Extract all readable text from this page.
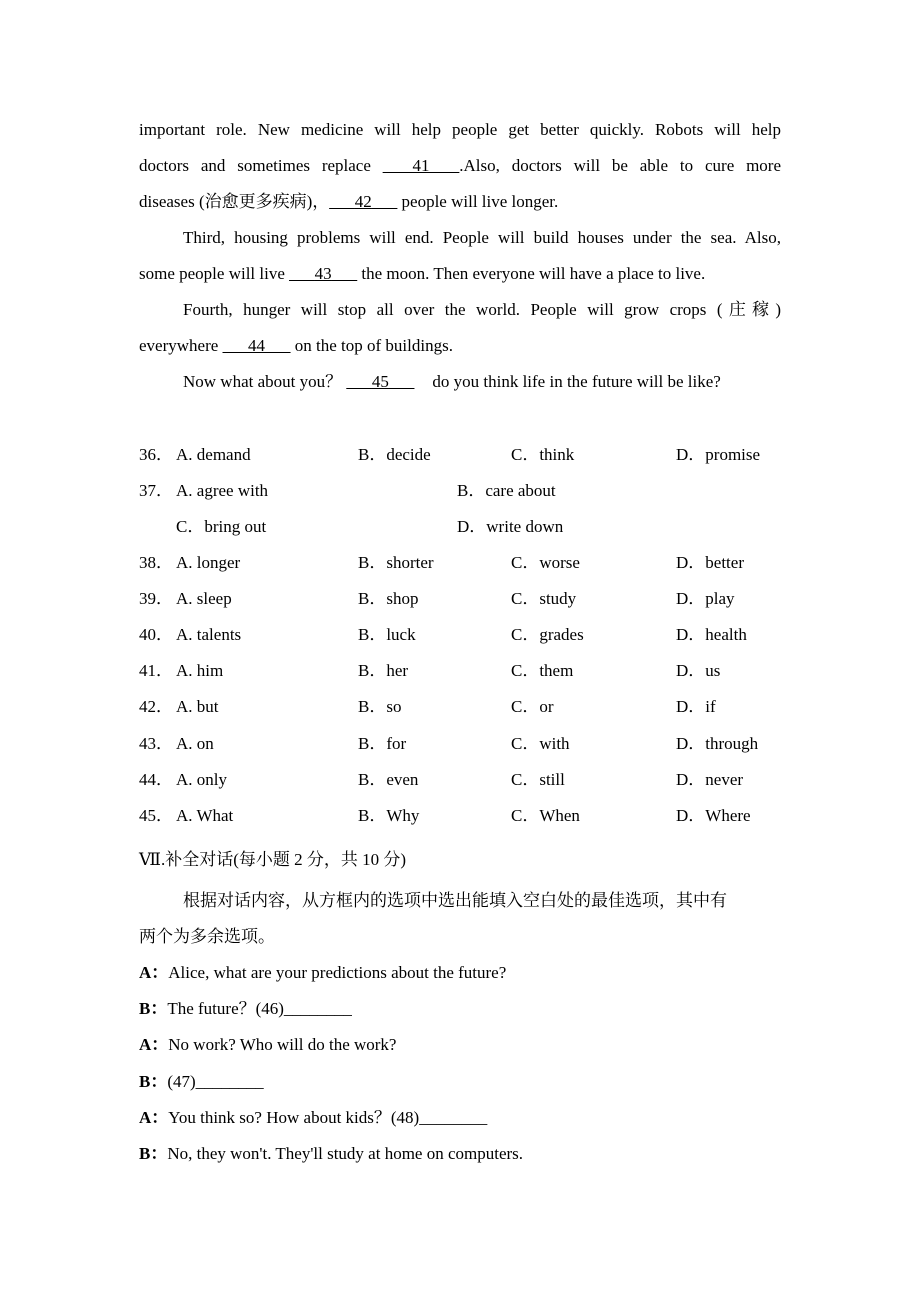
important role. New medicine will help people get better quickly. Robots will help
doctors and sometimes replace        41 .Also, doctors will be able to cure more
diseases (治愈更多疾病)， 42       people will live longer.
Third, housing problems will end. People will build houses under the sea. Also,
some people will live       43       the moon. Then everyone will have a place to live.
Fourth, hunger will stop all over the world. People will grow crops (庄稼)
everywhere       44       on the top of buildings.
Now what about you？       45	do you think life in the future will be like?
36． A. demand	B．decide	C．think	D．promise
37． A. agree with	B．care about
C．bring out	D．write down
38． A. longer	B．shorter	C．worse	D．better
39． A. sleep	B．shop	C．study	D．play
40． A. talents	B．luck	C．grades	D．health
41． A. him	B．her	C．them	D．us
42． A. but	B．so	C．or	D．if
43． A. on	B．for	C．with	D．through
44． A. only	B．even	C．still	D．never
45． A. What	B．Why	C．When	D．Where
Ⅶ.补全对话(每小题 2 分，共 10 分)
根据对话内容，从方框内的选项中选出能填入空白处的最佳选项，其中有
两个为多余选项。
A：Alice, what are your predictions about the future?
B：The future？(46)________
A：No work? Who will do the work?
B：(47)________
A：You think so? How about kids？(48)________
B：No, they won't. They'll study at home on computers.
